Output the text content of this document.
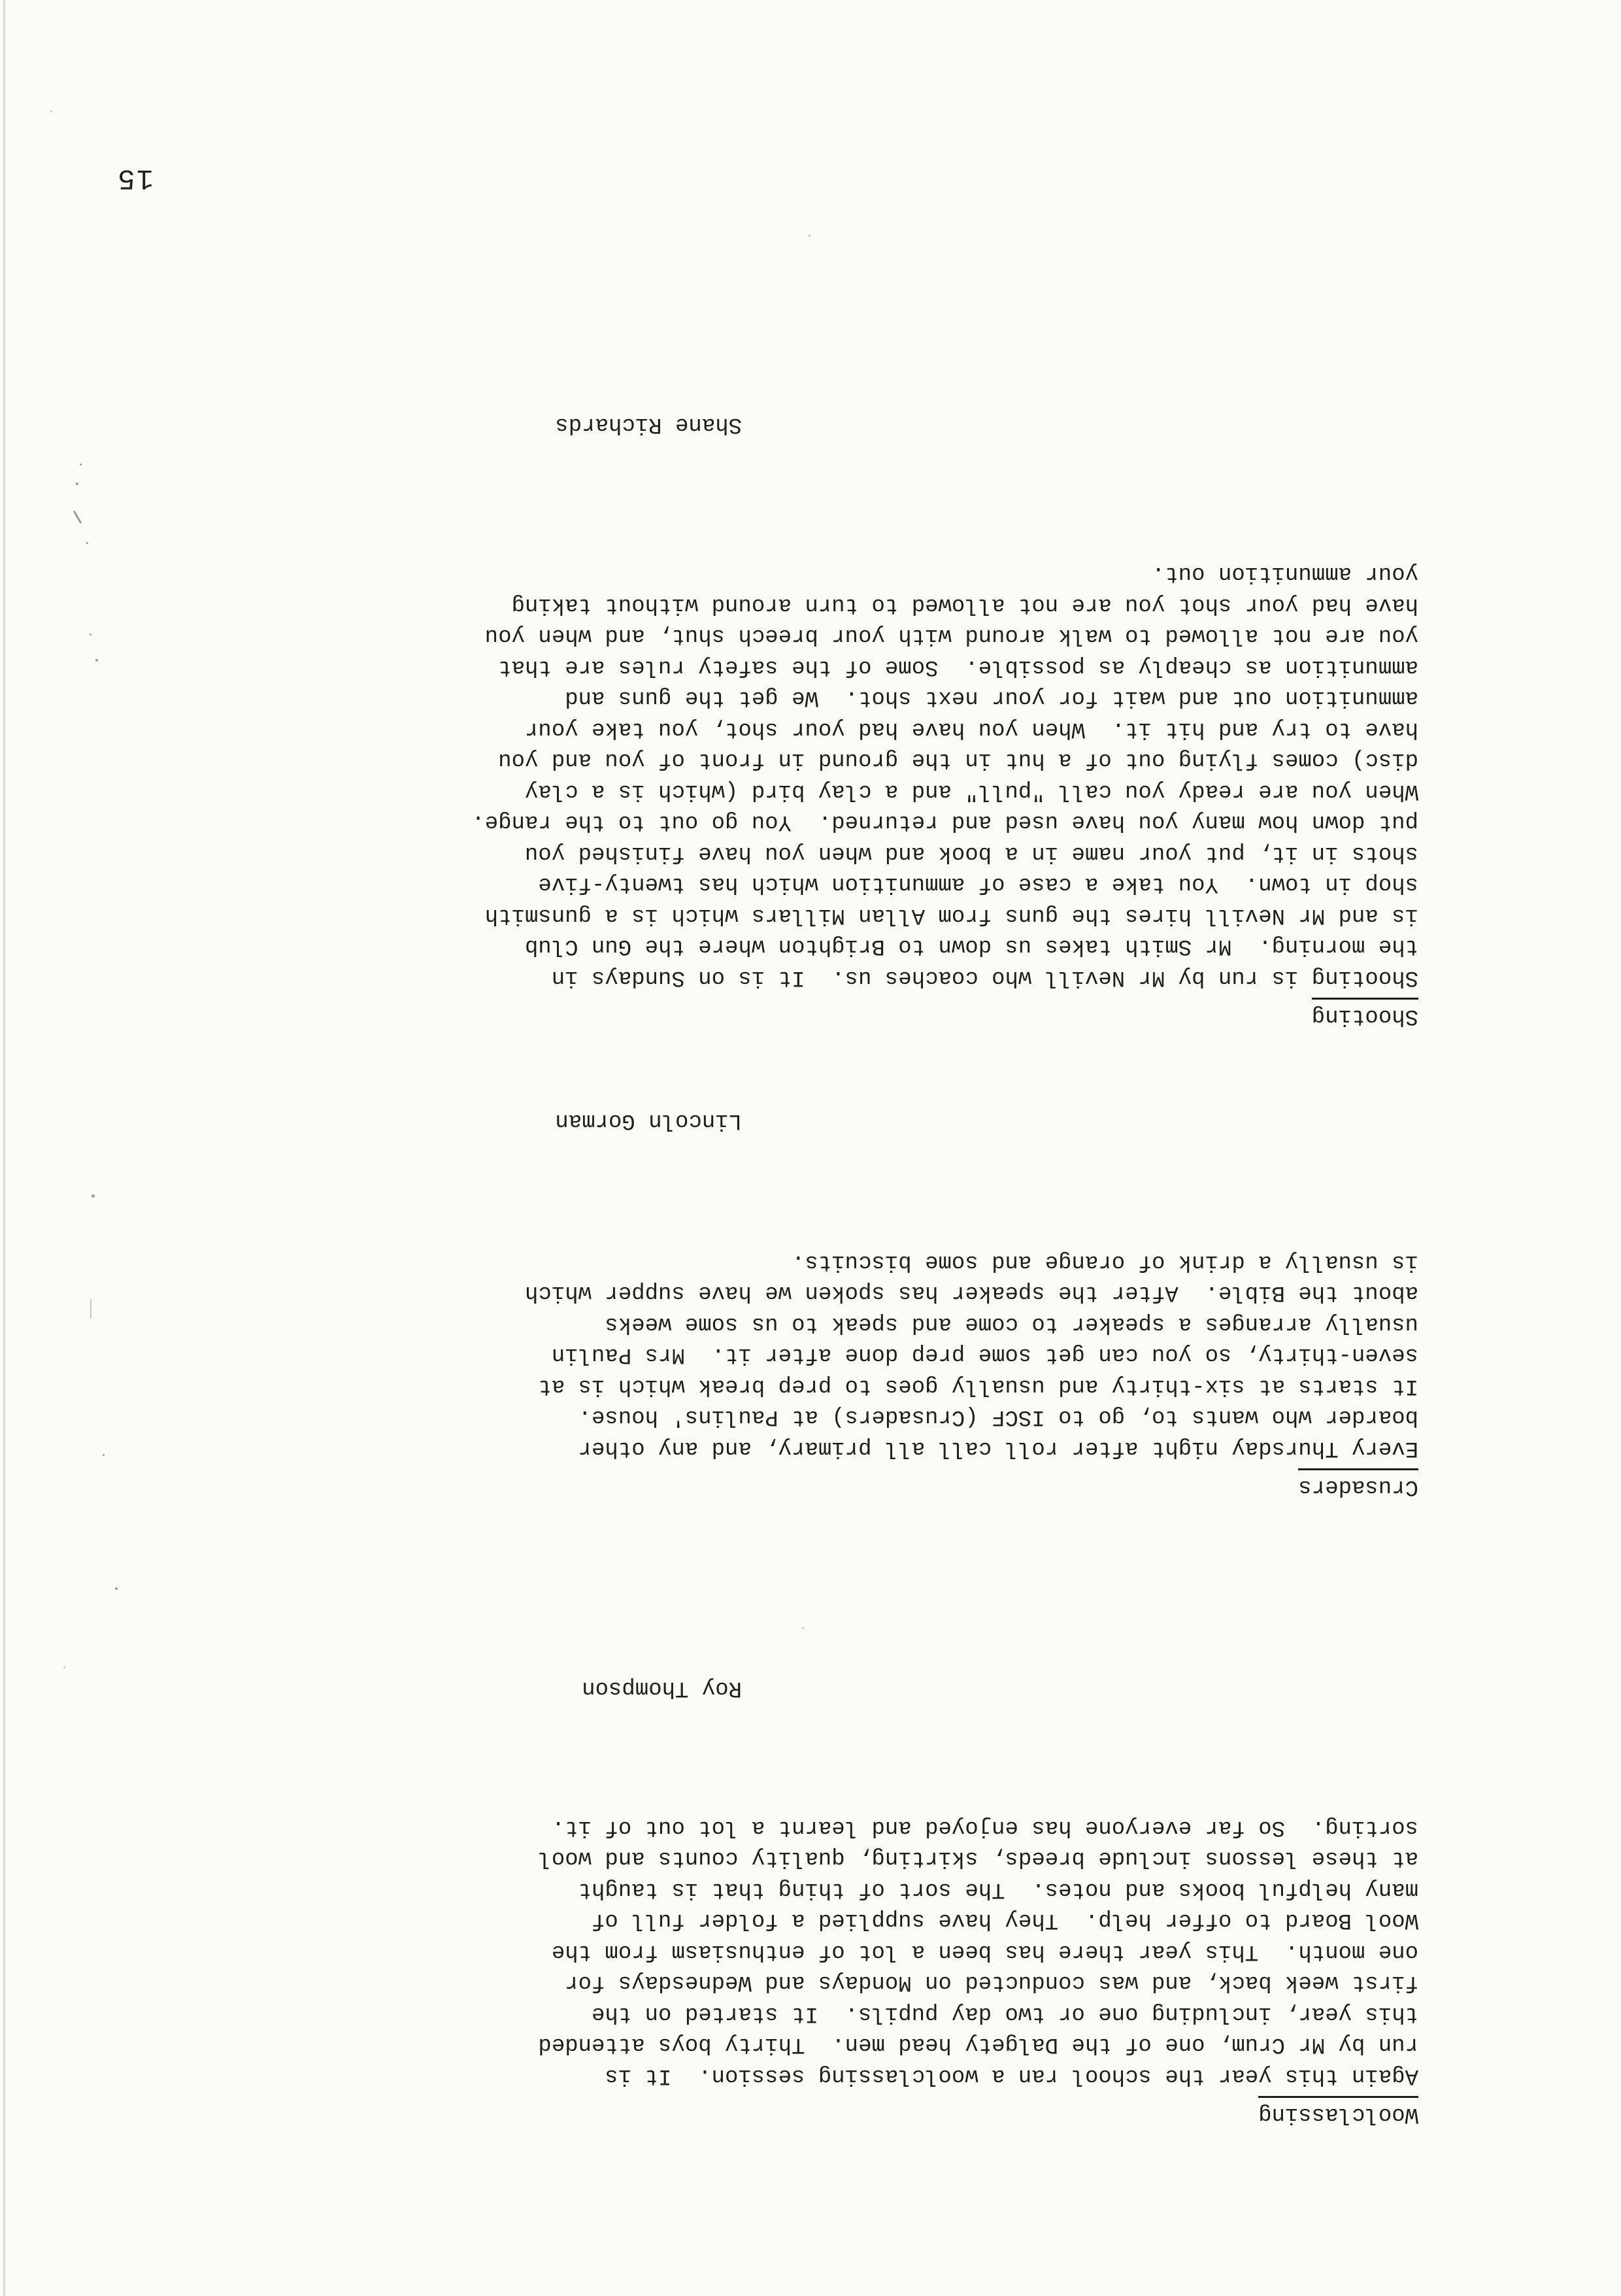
15
Woolclassing

Again this year the school ran a woolclassing session.  It is

run by Mr Crum, one of the Dalgety head men.  Thirty boys attended

this year, including one or two day pupils.  It started on the

first week back, and was conducted on Mondays and Wednesdays for

one month.  This year there has been a lot of enthusiasm from the

Wool Board to offer help.  They have supplied a folder full of

many helpful books and notes.  The sort of thing that is taught

at these lessons include breeds, skirting, quality counts and wool

sorting.  So far everyone has enjoyed and learnt a lot out of it.

Roy Thompson
Crusaders

Every Thursday night after roll call all primary, and any other

boarder who wants to, go to ISCF (Crusaders) at Paulins' house.

It starts at six-thirty and usually goes to prep break which is at

seven-thirty, so you can get some prep done after it.  Mrs Paulin

usually arranges a speaker to come and speak to us some weeks

about the Bible.  After the speaker has spoken we have supper which

is usually a drink of orange and some biscuits.

Lincoln Gorman
Shooting

Shooting is run by Mr Nevill who coaches us.  It is on Sundays in

the morning.  Mr Smith takes us down to Brighton where the Gun Club

is and Mr Nevill hires the guns from Allan Millars which is a gunsmith

shop in town.  You take a case of ammunition which has twenty-five

shots in it, put your name in a book and when you have finished you

put down how many you have used and returned.  You go out to the range.

When you are ready you call "pull" and a clay bird (which is a clay

disc) comes flying out of a hut in the ground in front of you and you

have to try and hit it.  When you have had your shot, you take your

ammunition out and wait for your next shot.  We get the guns and

ammunition as cheaply as possible.  Some of the safety rules are that

you are not allowed to walk around with your breech shut, and when you

have had your shot you are not allowed to turn around without taking

your ammunition out.

Shane Richards
